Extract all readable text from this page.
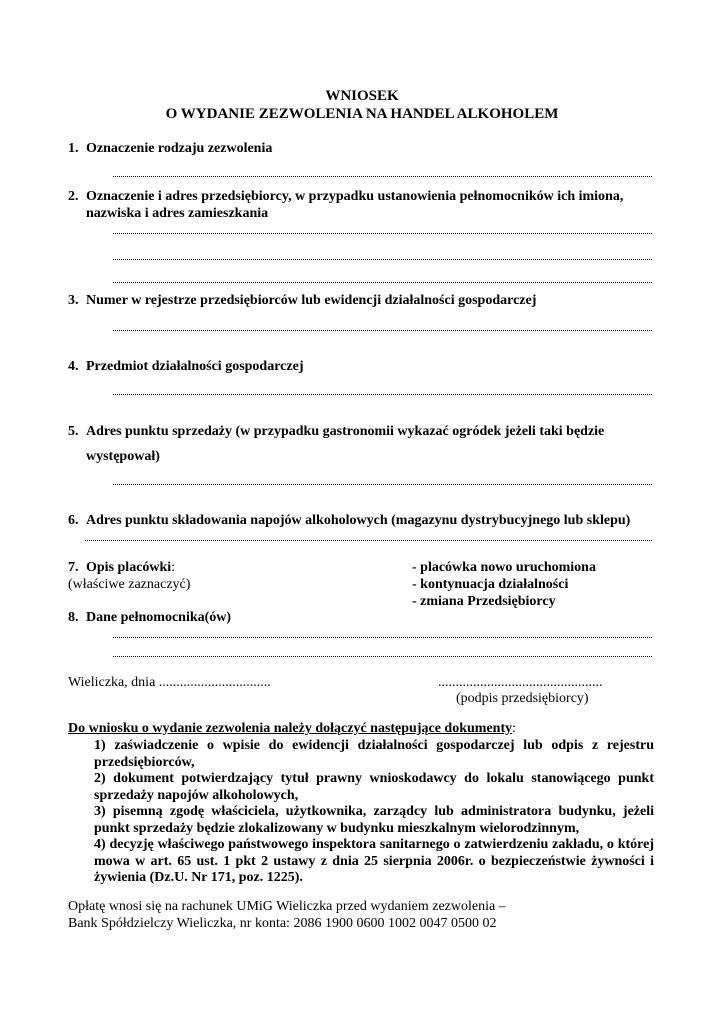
WNIOSEK
O WYDANIE ZEZWOLENIA NA HANDEL ALKOHOLEM
1. Oznaczenie rodzaju zezwolenia
2. Oznaczenie i adres przedsiębiorcy, w przypadku ustanowienia pełnomocników ich imiona,
nazwiska i adres zamieszkania
3. Numer w rejestrze przedsiębiorców lub ewidencji działalności gospodarczej
4. Przedmiot działalności gospodarczej
5. Adres punktu sprzedaży (w przypadku gastronomii wykazać ogródek jeżeli taki będzie
występował)
6. Adres punktu składowania napojów alkoholowych (magazynu dystrybucyjnego lub sklepu)
7. Opis placówki:
(właściwe zaznaczyć)
- placówka nowo uruchomiona
- kontynuacja działalności
- zmiana Przedsiębiorcy
8. Dane pełnomocnika(ów)
Wieliczka, dnia ................................	...............................................
(podpis przedsiębiorcy)
Do wniosku o wydanie zezwolenia należy dołączyć następujące dokumenty:
1) zaświadczenie o wpisie do ewidencji działalności gospodarczej lub odpis z rejestru przedsiębiorców,
2) dokument potwierdzający tytuł prawny wnioskodawcy do lokalu stanowiącego punkt sprzedaży napojów alkoholowych,
3) pisemną zgodę właściciela, użytkownika, zarządcy lub administratora budynku, jeżeli punkt sprzedaży będzie zlokalizowany w budynku mieszkalnym wielorodzinnym,
4) decyzję właściwego państwowego inspektora sanitarnego o zatwierdzeniu zakładu, o której mowa w art. 65 ust. 1 pkt 2 ustawy z dnia 25 sierpnia 2006r. o bezpieczeństwie żywności i żywienia (Dz.U. Nr 171, poz. 1225).
Opłatę wnosi się na rachunek UMiG Wieliczka przed wydaniem zezwolenia –
Bank Spółdzielczy Wieliczka, nr konta: 2086 1900 0600 1002 0047 0500 02
